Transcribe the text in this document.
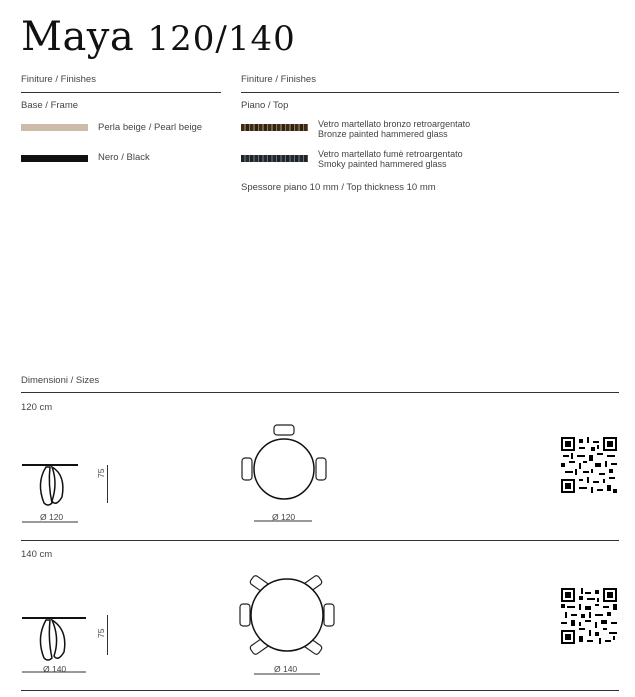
Maya 120/140
Finiture / Finishes
Base / Frame
Perla beige / Pearl beige
Nero / Black
Finiture / Finishes
Piano / Top
Vetro martellato bronzo retroargentato
Bronze painted hammered glass
Vetro martellato fumè retroargentato
Smoky painted hammered glass
Spessore piano 10 mm / Top thickness 10 mm
Dimensioni / Sizes
120 cm
Ø 120
75
Ø 120
140 cm
Ø 140
75
Ø 140
